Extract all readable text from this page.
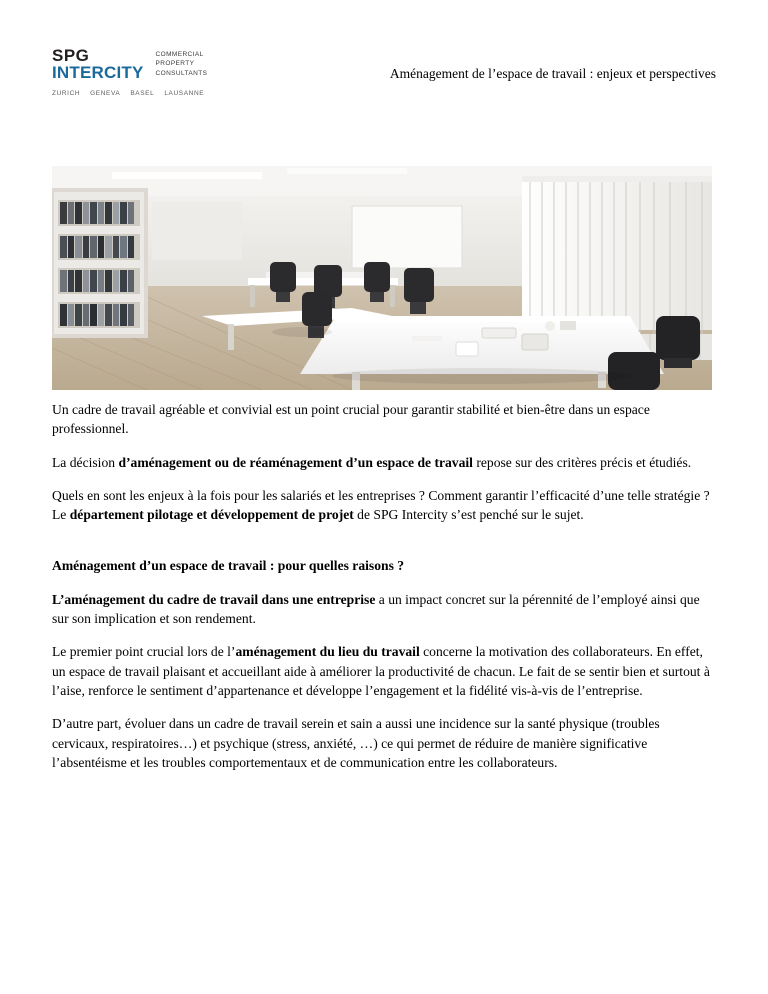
SPG
INTERCITY
COMMERCIAL
PROPERTY
CONSULTANTS
ZURICH GENEVA BASEL LAUSANNE
Aménagement de l’espace de travail : enjeux et perspectives

Un cadre de travail agréable et convivial est un point crucial pour garantir stabilité et bien-être dans un espace professionnel.

La décision d’aménagement ou de réaménagement d’un espace de travail repose sur des critères précis et étudiés.

Quels en sont les enjeux à la fois pour les salariés et les entreprises ? Comment garantir l’efficacité d’une telle stratégie ? Le département pilotage et développement de projet de SPG Intercity s’est penché sur le sujet.

Aménagement d’un espace de travail : pour quelles raisons ?

L’aménagement du cadre de travail dans une entreprise a un impact concret sur la pérennité de l’employé ainsi que sur son implication et son rendement.

Le premier point crucial lors de l’aménagement du lieu du travail concerne la motivation des collaborateurs. En effet, un espace de travail plaisant et accueillant aide à améliorer la productivité de chacun. Le fait de se sentir bien et surtout à l’aise, renforce le sentiment d’appartenance et développe l’engagement et la fidélité vis-à-vis de l’entreprise.

D’autre part, évoluer dans un cadre de travail serein et sain a aussi une incidence sur la santé physique (troubles cervicaux, respiratoires…) et psychique (stress, anxiété, …) ce qui permet de réduire de manière significative l’absentéisme et les troubles comportementaux et de communication entre les collaborateurs.
